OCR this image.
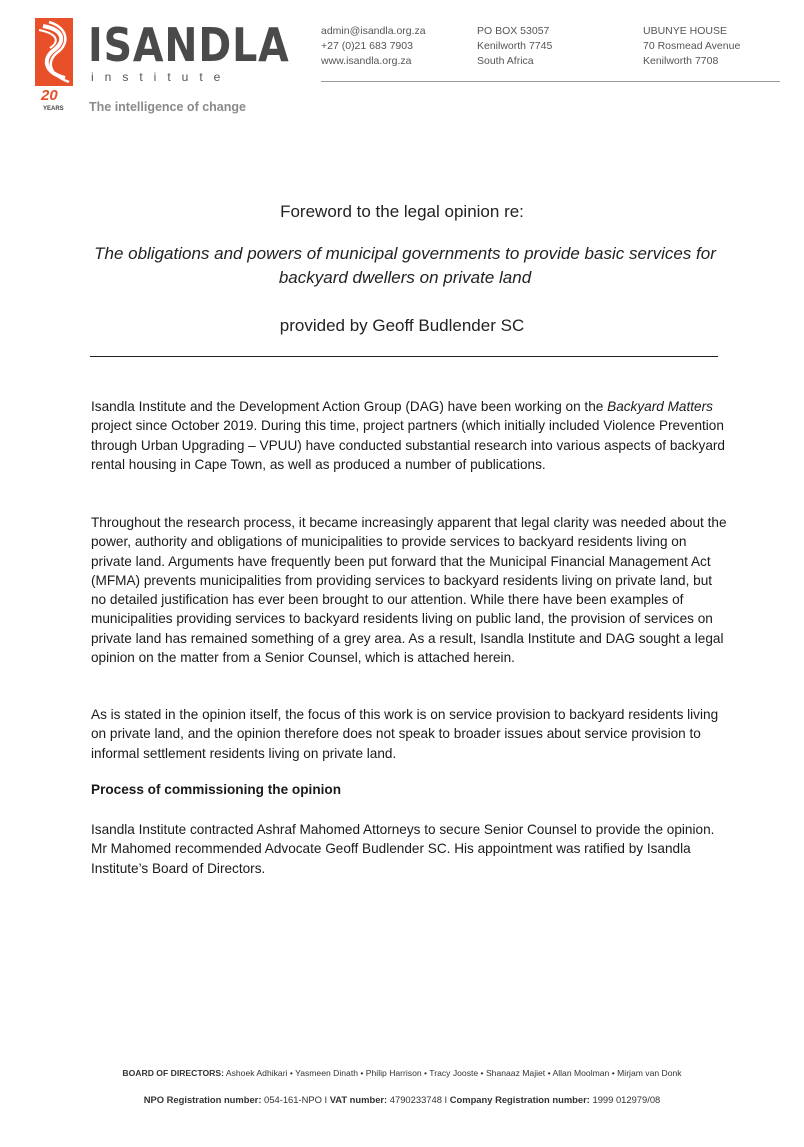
ISANDLA
institute
20
YEARS The intelligence of change
admin@isandla.org.za
+27 (0)21 683 7903
www.isandla.org.za
PO BOX 53057
Kenilworth 7745
South Africa
UBUNYE HOUSE
70 Rosmead Avenue
Kenilworth 7708
Foreword to the legal opinion re:
The obligations and powers of municipal governments to provide basic services for backyard dwellers on private land
provided by Geoff Budlender SC

Isandla Institute and the Development Action Group (DAG) have been working on the Backyard Matters project since October 2019. During this time, project partners (which initially included Violence Prevention through Urban Upgrading – VPUU) have conducted substantial research into various aspects of backyard rental housing in Cape Town, as well as produced a number of publications.

Throughout the research process, it became increasingly apparent that legal clarity was needed about the power, authority and obligations of municipalities to provide services to backyard residents living on private land. Arguments have frequently been put forward that the Municipal Financial Management Act (MFMA) prevents municipalities from providing services to backyard residents living on private land, but no detailed justification has ever been brought to our attention. While there have been examples of municipalities providing services to backyard residents living on public land, the provision of services on private land has remained something of a grey area. As a result, Isandla Institute and DAG sought a legal opinion on the matter from a Senior Counsel, which is attached herein.

As is stated in the opinion itself, the focus of this work is on service provision to backyard residents living on private land, and the opinion therefore does not speak to broader issues about service provision to informal settlement residents living on private land.

Process of commissioning the opinion

Isandla Institute contracted Ashraf Mahomed Attorneys to secure Senior Counsel to provide the opinion. Mr Mahomed recommended Advocate Geoff Budlender SC. His appointment was ratified by Isandla Institute’s Board of Directors.

BOARD OF DIRECTORS: Ashoek Adhikari • Yasmeen Dinath • Philip Harrison • Tracy Jooste • Shanaaz Majiet • Allan Moolman • Mirjam van Donk
NPO Registration number: 054-161-NPO I VAT number: 4790233748 I Company Registration number: 1999 012979/08
